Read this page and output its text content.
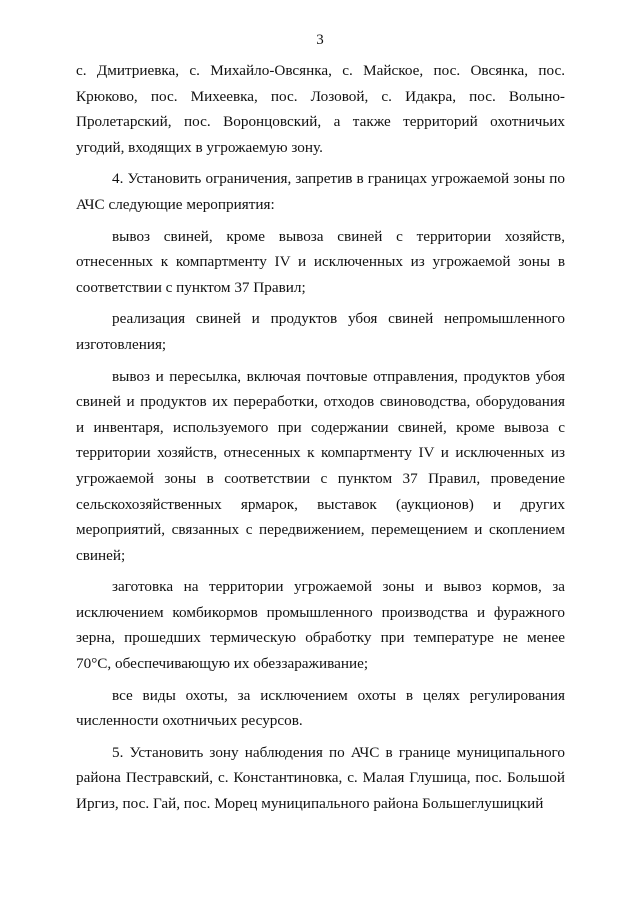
3

с. Дмитриевка, с. Михайло-Овсянка, с. Майское, пос. Овсянка, пос. Крюково, пос. Михеевка, пос. Лозовой, с. Идакра, пос. Волыно-Пролетарский, пос. Воронцовский, а также территорий охотничьих угодий, входящих в угрожаемую зону.

4. Установить ограничения, запретив в границах угрожаемой зоны по АЧС следующие мероприятия:

вывоз свиней, кроме вывоза свиней с территории хозяйств, отнесенных к компартменту IV и исключенных из угрожаемой зоны в соответствии с пунктом 37 Правил;

реализация свиней и продуктов убоя свиней непромышленного изготовления;

вывоз и пересылка, включая почтовые отправления, продуктов убоя свиней и продуктов их переработки, отходов свиноводства, оборудования и инвентаря, используемого при содержании свиней, кроме вывоза с территории хозяйств, отнесенных к компартменту IV и исключенных из угрожаемой зоны в соответствии с пунктом 37 Правил, проведение сельскохозяйственных ярмарок, выставок (аукционов) и других мероприятий, связанных с передвижением, перемещением и скоплением свиней;

заготовка на территории угрожаемой зоны и вывоз кормов, за исключением комбикормов промышленного производства и фуражного зерна, прошедших термическую обработку при температуре не менее 70°С, обеспечивающую их обеззараживание;

все виды охоты, за исключением охоты в целях регулирования численности охотничьих ресурсов.

5. Установить зону наблюдения по АЧС в границе муниципального района Пестравский, с. Константиновка, с. Малая Глушица, пос. Большой Иргиз, пос. Гай, пос. Морец муниципального района Большеглушицкий
